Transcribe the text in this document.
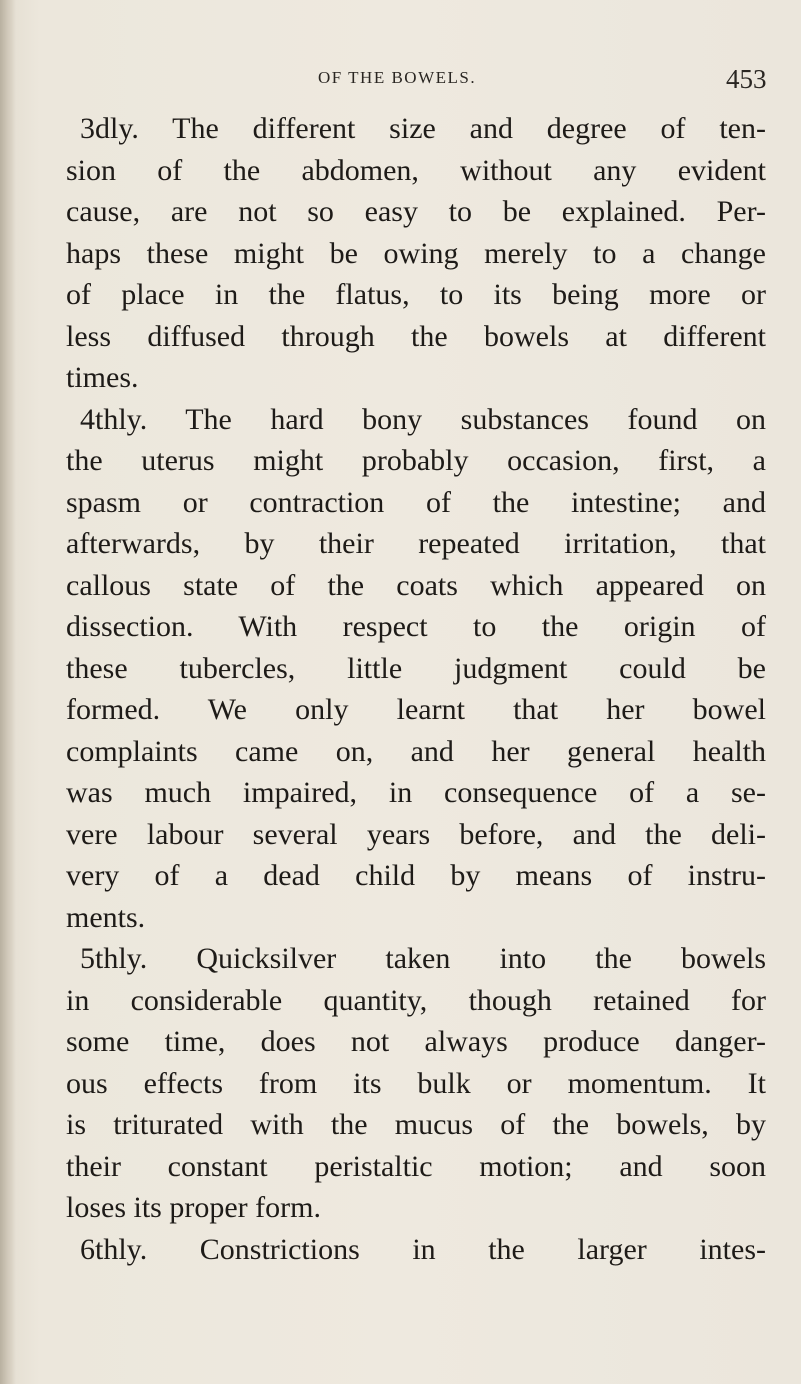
OF THE BOWELS.	453
3dly. The different size and degree of ten-
sion of the abdomen, without any evident
cause, are not so easy to be explained. Per-
haps these might be owing merely to a change
of place in the flatus, to its being more or
less diffused through the bowels at different
times.
4thly. The hard bony substances found on
the uterus might probably occasion, first, a
spasm or contraction of the intestine; and
afterwards, by their repeated irritation, that
callous state of the coats which appeared on
dissection. With respect to the origin of
these tubercles, little judgment could be
formed. We only learnt that her bowel
complaints came on, and her general health
was much impaired, in consequence of a se-
vere labour several years before, and the deli-
very of a dead child by means of instru-
ments.
5thly. Quicksilver taken into the bowels
in considerable quantity, though retained for
some time, does not always produce danger-
ous effects from its bulk or momentum. It
is triturated with the mucus of the bowels, by
their constant peristaltic motion; and soon
loses its proper form.
6thly. Constrictions in the larger intes-
